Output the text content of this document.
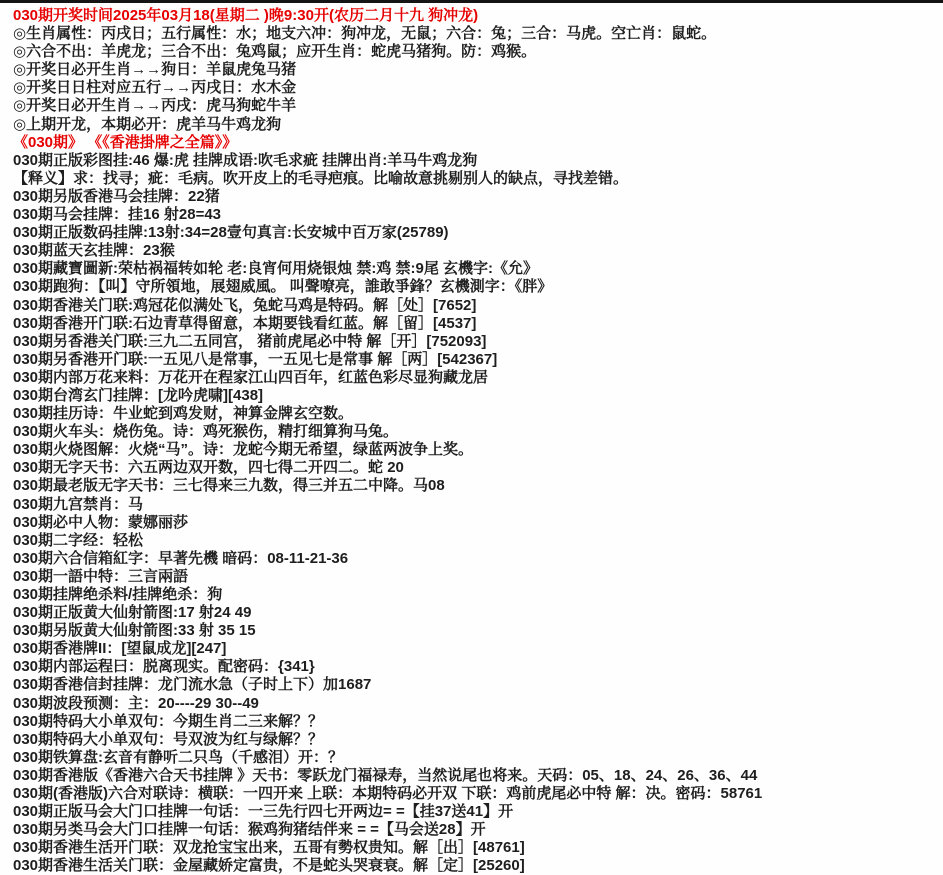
030期开奖时间2025年03月18(星期二 )晚9:30开(农历二月十九 狗冲龙)
◎生肖属性：丙戌日；五行属性：水；地支六冲：狗冲龙，无鼠；六合：兔；三合：马虎。空亡肖：鼠蛇。
◎六合不出：羊虎龙；三合不出：兔鸡鼠；应开生肖：蛇虎马猪狗。防：鸡猴。
◎开奖日必开生肖→→狗日：羊鼠虎兔马猪
◎开奖日日柱对应五行→→丙戌日：水木金
◎开奖日必开生肖→→丙戌：虎马狗蛇牛羊
◎上期开龙，本期必开：虎羊马牛鸡龙狗
《030期》 《《香港掛牌之全篇》》
030期正版彩图挂:46 爆:虎 挂牌成语:吹毛求疵 挂牌出肖:羊马牛鸡龙狗
【释义】求：找寻；疵：毛病。吹开皮上的毛寻疤痕。比喻故意挑剔别人的缺点，寻找差错。
030期另版香港马会挂牌：22猪
030期马会挂牌：挂16 射28=43
030期正版数码挂牌:13射:34=28壹句真言:长安城中百万家(25789)
030期蓝天玄挂牌：23猴
030期藏寶圖新:荣枯祸福转如轮 老:良宵何用烧银烛 禁:鸡 禁:9尾 玄機字:《允》
030期跑狗：【叫】守所領地，展翅威風。 叫聲嘹亮，誰敢爭鋒？玄機測字：《胖》
030期香港关门联:鸡冠花似满处飞，兔蛇马鸡是特码。解［处］[7652]
030期香港开门联:石边青草得留意，本期要钱看红蓝。解［留］[4537]
030期另香港关门联:三九二五同宫， 猪前虎尾必中特 解［开］[752093]
030期另香港开门联:一五见八是常事，一五见七是常事 解［两］[542367]
030期内部万花来料：万花开在程家江山四百年，红蓝色彩尽显狗藏龙居
030期台湾玄门挂牌：[龙吟虎啸][438]
030期挂历诗：牛业蛇到鸡发财，神算金牌玄空数。
030期火车头：烧伤兔。诗：鸡死猴伤，精打细算狗马兔。
030期火烧图解：火烧“马”。诗：龙蛇今期无希望，绿蓝两波争上奖。
030期无字天书：六五两边双开数，四七得二开四二。蛇 20
030期最老版无字天书：三七得来三九数，得三并五二中降。马08
030期九宫禁肖：马
030期必中人物：蒙娜丽莎
030期二字经：轻松
030期六合信箱紅字：早著先機 暗码：08-11-21-36
030期一語中特：三言兩語
030期挂牌绝杀料/挂牌绝杀：狗
030期正版黄大仙射箭图:17 射24 49
030期另版黄大仙射箭图:33 射 35 15
030期香港牌II：[望鼠成龙][247]
030期内部运程曰：脱离现实。配密码：{341}
030期香港信封挂牌：龙门流水急（子时上下）加1687
030期波段预测：主：20----29 30--49
030期特码大小单双句：今期生肖二三来解？？
030期特码大小单双句：号双波为红与绿解？？
030期铁算盘:玄音有静听二只鸟（千感泪）开：？
030期香港版《香港六合天书挂牌 》天书：零跃龙门福禄寿，当然说尾也将来。天码：05、18、24、26、36、44
030期(香港版)六合对联诗：横联：一四开来 上联：本期特码必开双 下联：鸡前虎尾必中特 解：决。密码：58761
030期正版马会大门口挂牌一句话：一三先行四七开两边= =【挂37送41】开
030期另类马会大门口挂牌一句话：猴鸡狗猪结伴来 = =【马会送28】开
030期香港生活开门联：双龙抢宝宝出来，五哥有勢权贵知。解［出］[48761]
030期香港生活关门联：金屋藏娇定富贵，不是蛇头哭衰衰。解［定］[25260]
